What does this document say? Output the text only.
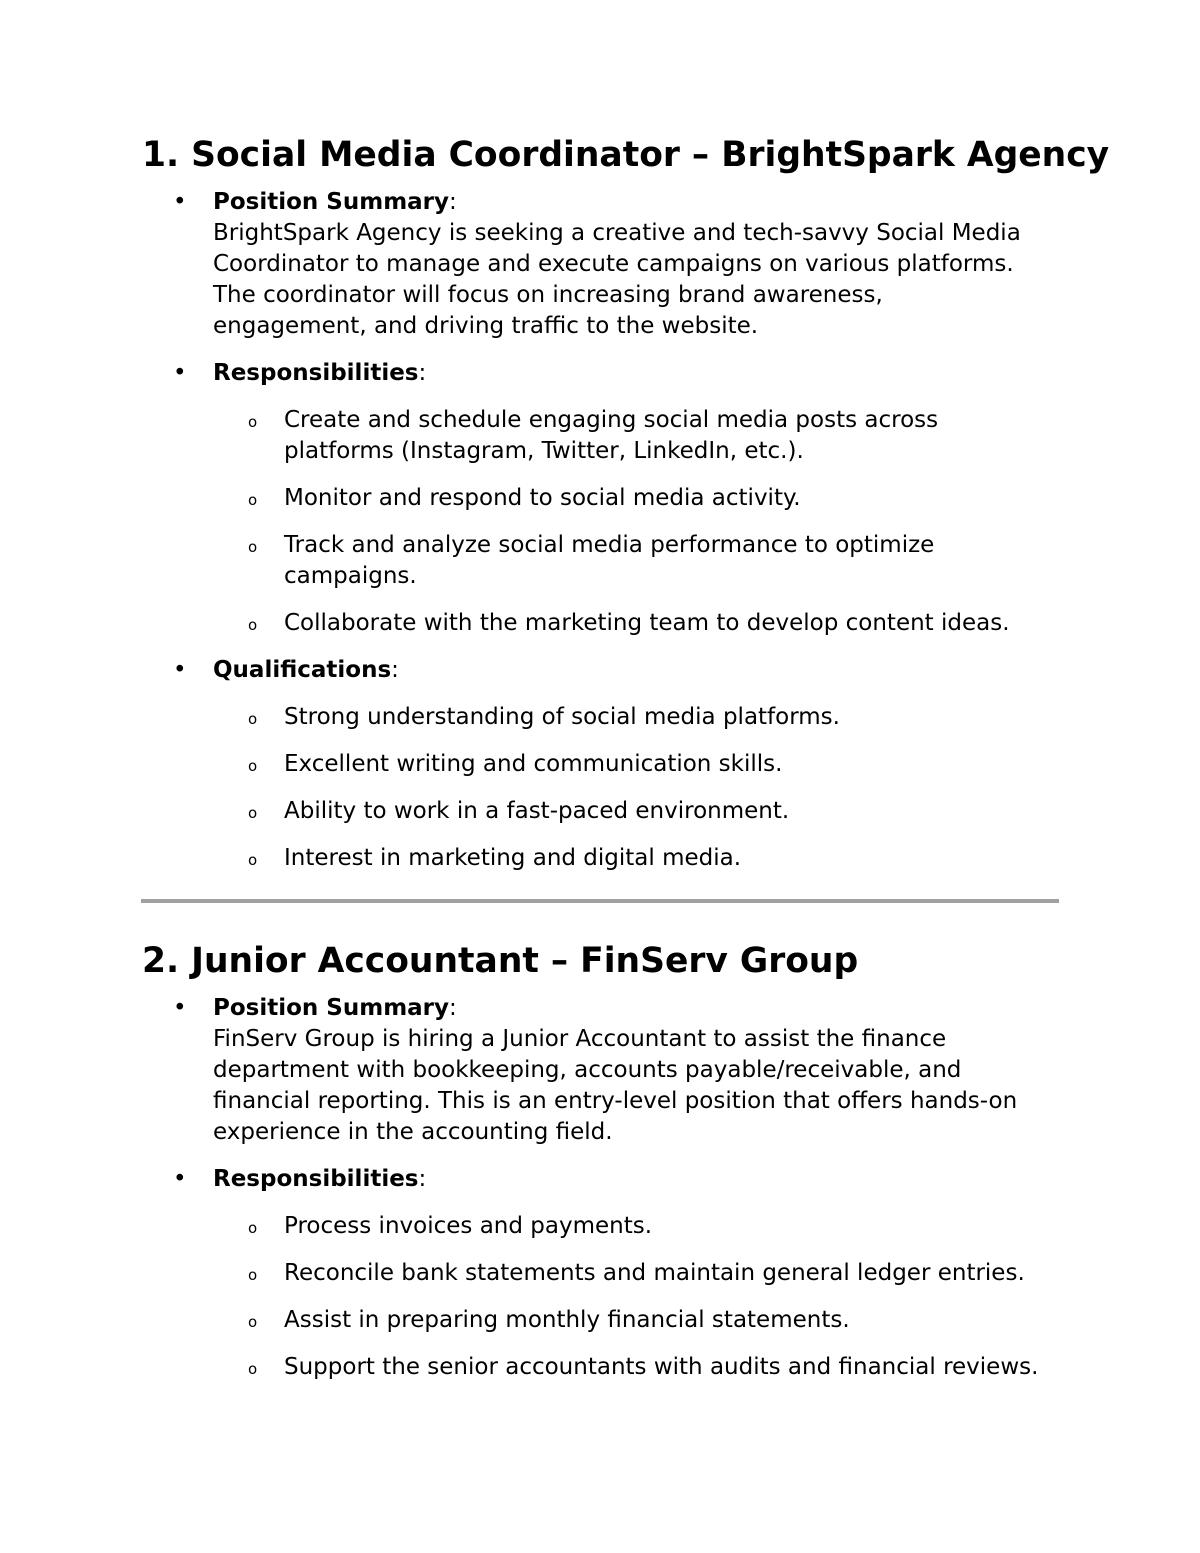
1. Social Media Coordinator – BrightSpark Agency
• Position Summary:
BrightSpark Agency is seeking a creative and tech-savvy Social Media
Coordinator to manage and execute campaigns on various platforms.
The coordinator will focus on increasing brand awareness,
engagement, and driving traffic to the website.
• Responsibilities:
o Create and schedule engaging social media posts across
platforms (Instagram, Twitter, LinkedIn, etc.).
o Monitor and respond to social media activity.
o Track and analyze social media performance to optimize
campaigns.
o Collaborate with the marketing team to develop content ideas.
• Qualifications:
o Strong understanding of social media platforms.
o Excellent writing and communication skills.
o Ability to work in a fast-paced environment.
o Interest in marketing and digital media.
2. Junior Accountant – FinServ Group
• Position Summary:
FinServ Group is hiring a Junior Accountant to assist the finance
department with bookkeeping, accounts payable/receivable, and
financial reporting. This is an entry-level position that offers hands-on
experience in the accounting field.
• Responsibilities:
o Process invoices and payments.
o Reconcile bank statements and maintain general ledger entries.
o Assist in preparing monthly financial statements.
o Support the senior accountants with audits and financial reviews.
